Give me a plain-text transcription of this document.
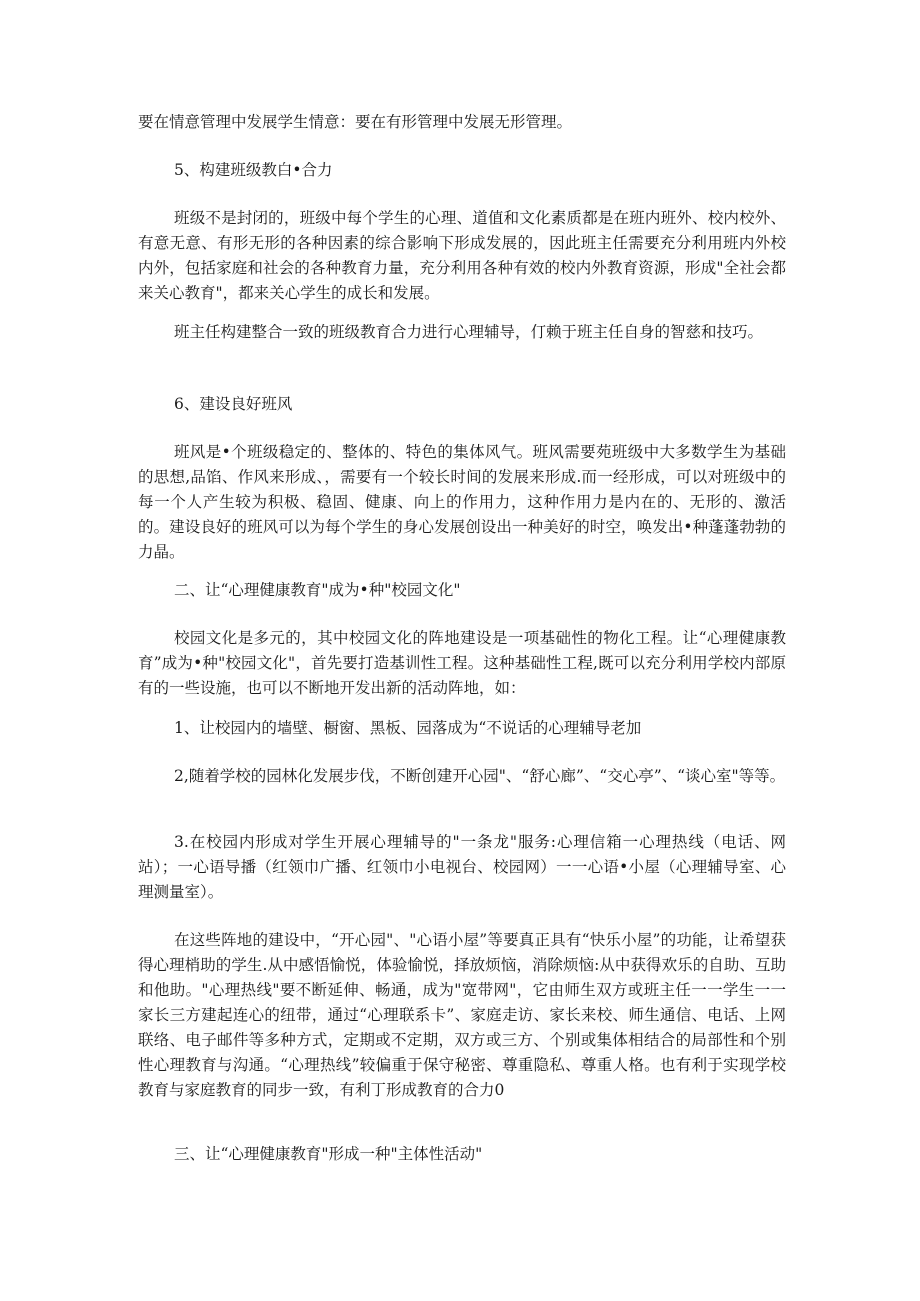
要在情意管理中发展学生情意：要在有形管理中发展无形管理。

5、构建班级教白•合力

班级不是封闭的，班级中每个学生的心理、道值和文化素质都是在班内班外、校内校外、有意无意、有形无形的各种因素的综合影响下形成发展的，因此班主任需要充分利用班内外校内外，包括家庭和社会的各种教育力量，充分利用各种有效的校内外教育资源，形成"全社会都来关心教育"，都来关心学生的成长和发展。

班主任构建整合一致的班级教育合力进行心理辅导，仃赖于班主任自身的智慈和技巧。

6、建设良好班风

班风是•个班级稳定的、整体的、特色的集体风气。班风需要苑班级中大多数学生为基础的思想,品馅、作风来形成、，需要有一个较长时间的发展来形成.而一经形成，可以对班级中的每一个人产生较为积极、稳固、健康、向上的作用力，这种作用力是内在的、无形的、激活的。建设良好的班风可以为每个学生的身心发展创设出一种美好的时空，唤发出•种蓬蓬勃勃的力晶。

二、让“心理健康教育"成为•种"校园文化"

校园文化是多元的，其中校园文化的阵地建设是一项基础性的物化工程。让“心理健康教育”成为•种"校园文化"，首先要打造基训性工程。这种基础性工程,既可以充分利用学校内部原有的一些设施，也可以不断地开发出新的活动阵地，如：

1、让校园内的墙壁、橱窗、黑板、园落成为“不说话的心理辅导老加

2,随着学校的园林化发展步伐，不断创建开心园"、“舒心廊”、“交心亭”、“谈心室"等等。

3.在校园内形成对学生开展心理辅导的"一条龙"服务:心理信箱一心理热线（电话、网站）；一心语导播（红领巾广播、红领巾小电视台、校园网）一一心语•小屋（心理辅导室、心理测量室）。

在这些阵地的建设中，“开心园"、"心语小屋”等要真正具有“快乐小屋”的功能，让希望获得心理梢助的学生.从中感悟愉悦，体验愉悦，择放烦恼，消除烦恼:从中获得欢乐的自助、互助和他助。"心理热线"要不断延伸、畅通，成为"宽带网"，它由师生双方或班主任一一学生一一家长三方建起连心的纽带，通过“心理联系卡”、家庭走访、家长来校、师生通信、电话、上网联络、电子邮件等多种方式，定期或不定期，双方或三方、个别或集体相结合的局部性和个别性心理教育与沟通。“心理热线”较偏重于保守秘密、尊重隐私、尊重人格。也有利于实现学校教育与家庭教育的同步一致，有利丁形成教育的合力0

三、让“心理健康教育"形成一种"主体性活动"
